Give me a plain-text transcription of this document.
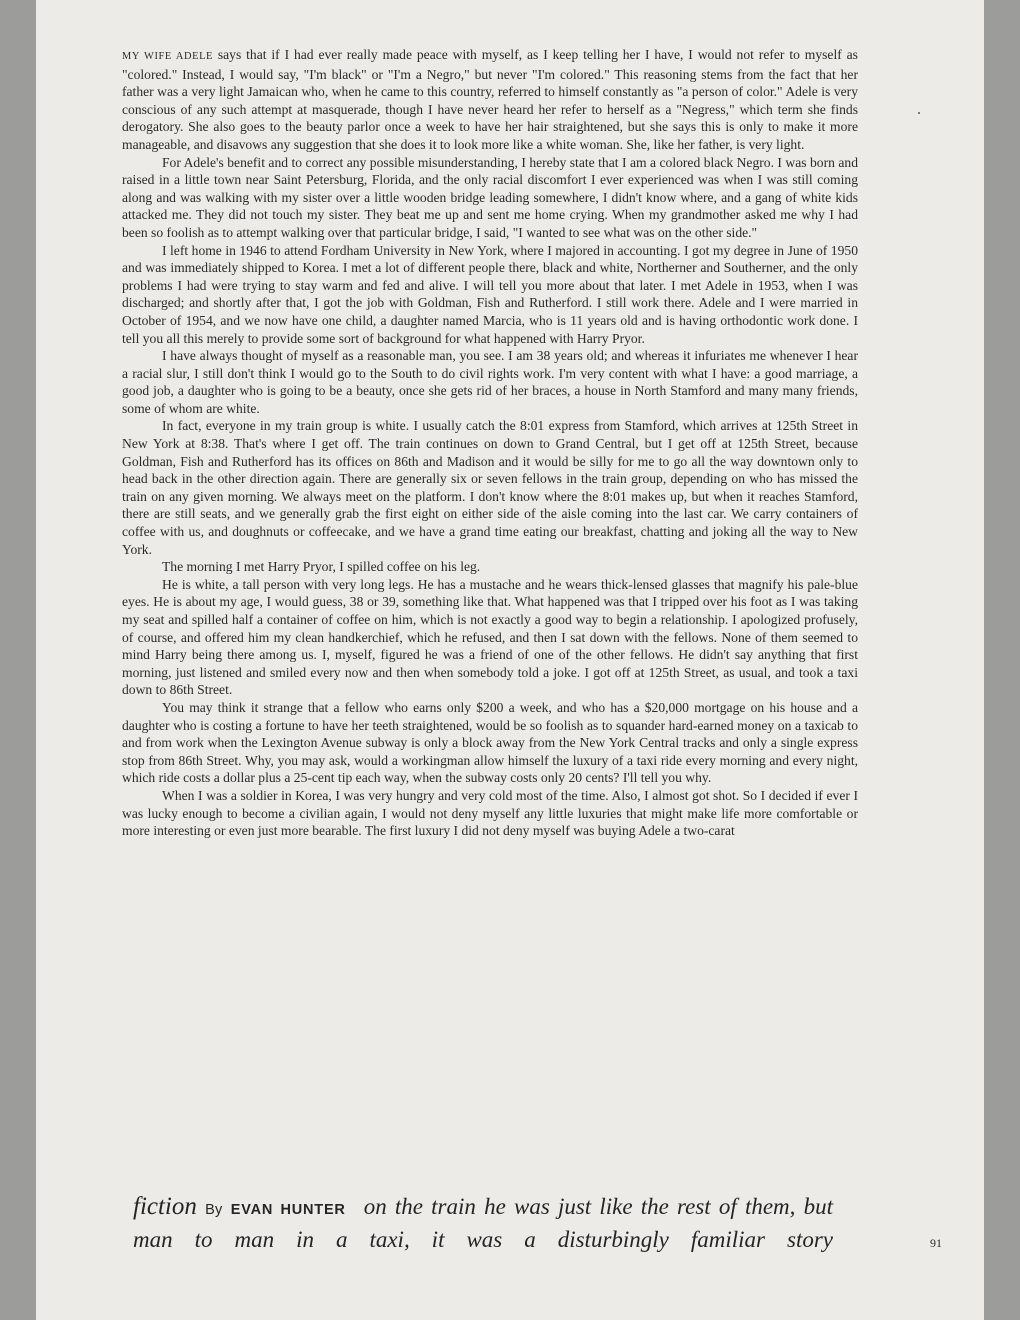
MY WIFE ADELE says that if I had ever really made peace with myself, as I keep telling her I have, I would not refer to myself as "colored." Instead, I would say, "I'm black" or "I'm a Negro," but never "I'm colored." This reasoning stems from the fact that her father was a very light Jamaican who, when he came to this country, referred to himself constantly as "a person of color." Adele is very conscious of any such attempt at masquerade, though I have never heard her refer to herself as a "Negress," which term she finds derogatory. She also goes to the beauty parlor once a week to have her hair straightened, but she says this is only to make it more manageable, and disavows any suggestion that she does it to look more like a white woman. She, like her father, is very light.

For Adele's benefit and to correct any possible misunderstanding, I hereby state that I am a colored black Negro. I was born and raised in a little town near Saint Petersburg, Florida, and the only racial discomfort I ever experienced was when I was still coming along and was walking with my sister over a little wooden bridge leading somewhere, I didn't know where, and a gang of white kids attacked me. They did not touch my sister. They beat me up and sent me home crying. When my grandmother asked me why I had been so foolish as to attempt walking over that particular bridge, I said, "I wanted to see what was on the other side."

I left home in 1946 to attend Fordham University in New York, where I majored in accounting. I got my degree in June of 1950 and was immediately shipped to Korea. I met a lot of different people there, black and white, Northerner and Southerner, and the only problems I had were trying to stay warm and fed and alive. I will tell you more about that later. I met Adele in 1953, when I was discharged; and shortly after that, I got the job with Goldman, Fish and Rutherford. I still work there. Adele and I were married in October of 1954, and we now have one child, a daughter named Marcia, who is 11 years old and is having orthodontic work done. I tell you all this merely to provide some sort of background for what happened with Harry Pryor.

I have always thought of myself as a reasonable man, you see. I am 38 years old; and whereas it infuriates me whenever I hear a racial slur, I still don't think I would go to the South to do civil rights work. I'm very content with what I have: a good marriage, a good job, a daughter who is going to be a beauty, once she gets rid of her braces, a house in North Stamford and many many friends, some of whom are white.

In fact, everyone in my train group is white. I usually catch the 8:01 express from Stamford, which arrives at 125th Street in New York at 8:38. That's where I get off. The train continues on down to Grand Central, but I get off at 125th Street, because Goldman, Fish and Rutherford has its offices on 86th and Madison and it would be silly for me to go all the way downtown only to head back in the other direction again. There are generally six or seven fellows in the train group, depending on who has missed the train on any given morning. We always meet on the platform. I don't know where the 8:01 makes up, but when it reaches Stamford, there are still seats, and we generally grab the first eight on either side of the aisle coming into the last car. We carry containers of coffee with us, and doughnuts or coffeecake, and we have a grand time eating our breakfast, chatting and joking all the way to New York.

The morning I met Harry Pryor, I spilled coffee on his leg.

He is white, a tall person with very long legs. He has a mustache and he wears thick-lensed glasses that magnify his pale-blue eyes. He is about my age, I would guess, 38 or 39, something like that. What happened was that I tripped over his foot as I was taking my seat and spilled half a container of coffee on him, which is not exactly a good way to begin a relationship. I apologized profusely, of course, and offered him my clean handkerchief, which he refused, and then I sat down with the fellows. None of them seemed to mind Harry being there among us. I, myself, figured he was a friend of one of the other fellows. He didn't say anything that first morning, just listened and smiled every now and then when somebody told a joke. I got off at 125th Street, as usual, and took a taxi down to 86th Street.

You may think it strange that a fellow who earns only $200 a week, and who has a $20,000 mortgage on his house and a daughter who is costing a fortune to have her teeth straightened, would be so foolish as to squander hard-earned money on a taxicab to and from work when the Lexington Avenue subway is only a block away from the New York Central tracks and only a single express stop from 86th Street. Why, you may ask, would a workingman allow himself the luxury of a taxi ride every morning and every night, which ride costs a dollar plus a 25-cent tip each way, when the subway costs only 20 cents? I'll tell you why.

When I was a soldier in Korea, I was very hungry and very cold most of the time. Also, I almost got shot. So I decided if ever I was lucky enough to become a civilian again, I would not deny myself any little luxuries that might make life more comfortable or more interesting or even just more bearable. The first luxury I did not deny myself was buying Adele a two-carat

fiction By EVAN HUNTER on the train he was just like the rest of them, but man to man in a taxi, it was a disturbingly familiar story	91
